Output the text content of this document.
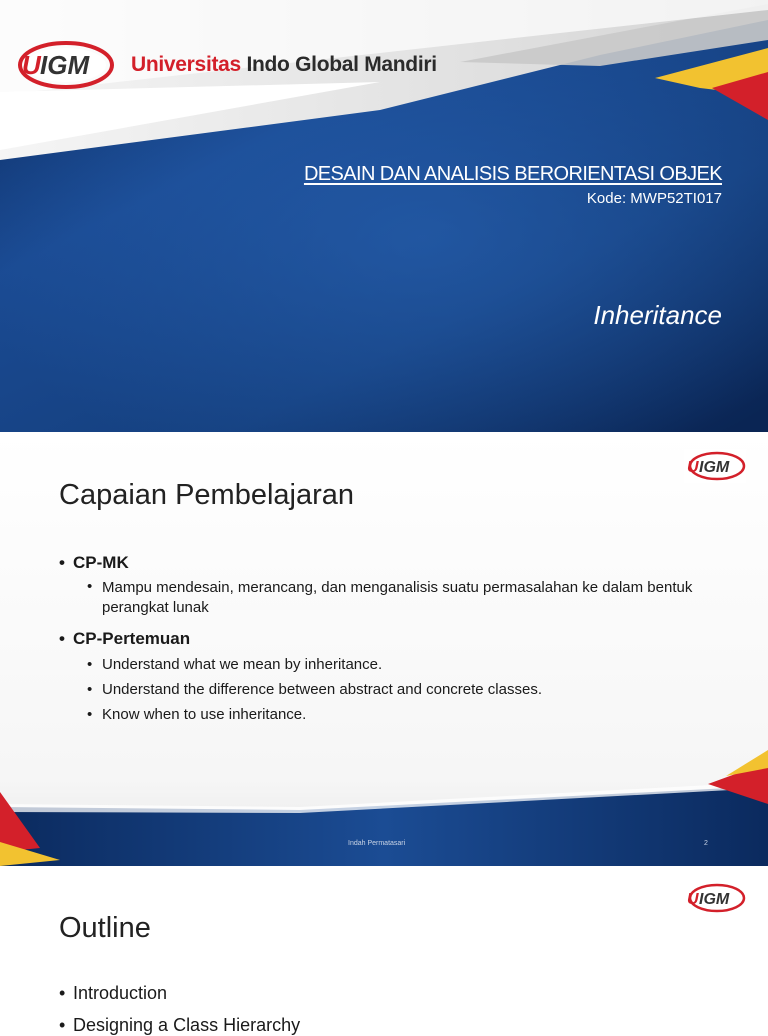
U IGM Universitas Indo Global Mandiri
DESAIN DAN ANALISIS BERORIENTASI OBJEK
Kode: MWP52TI017
Inheritance
U IGM
Capaian Pembelajaran
• CP-MK
• Mampu mendesain, merancang, dan menganalisis suatu permasalahan ke dalam bentuk perangkat lunak
• CP-Pertemuan
• Understand what we mean by inheritance.
• Understand the difference between abstract and concrete classes.
• Know when to use inheritance.
Indah Permatasari	2
U IGM
Outline
• Introduction
• Designing a Class Hierarchy
